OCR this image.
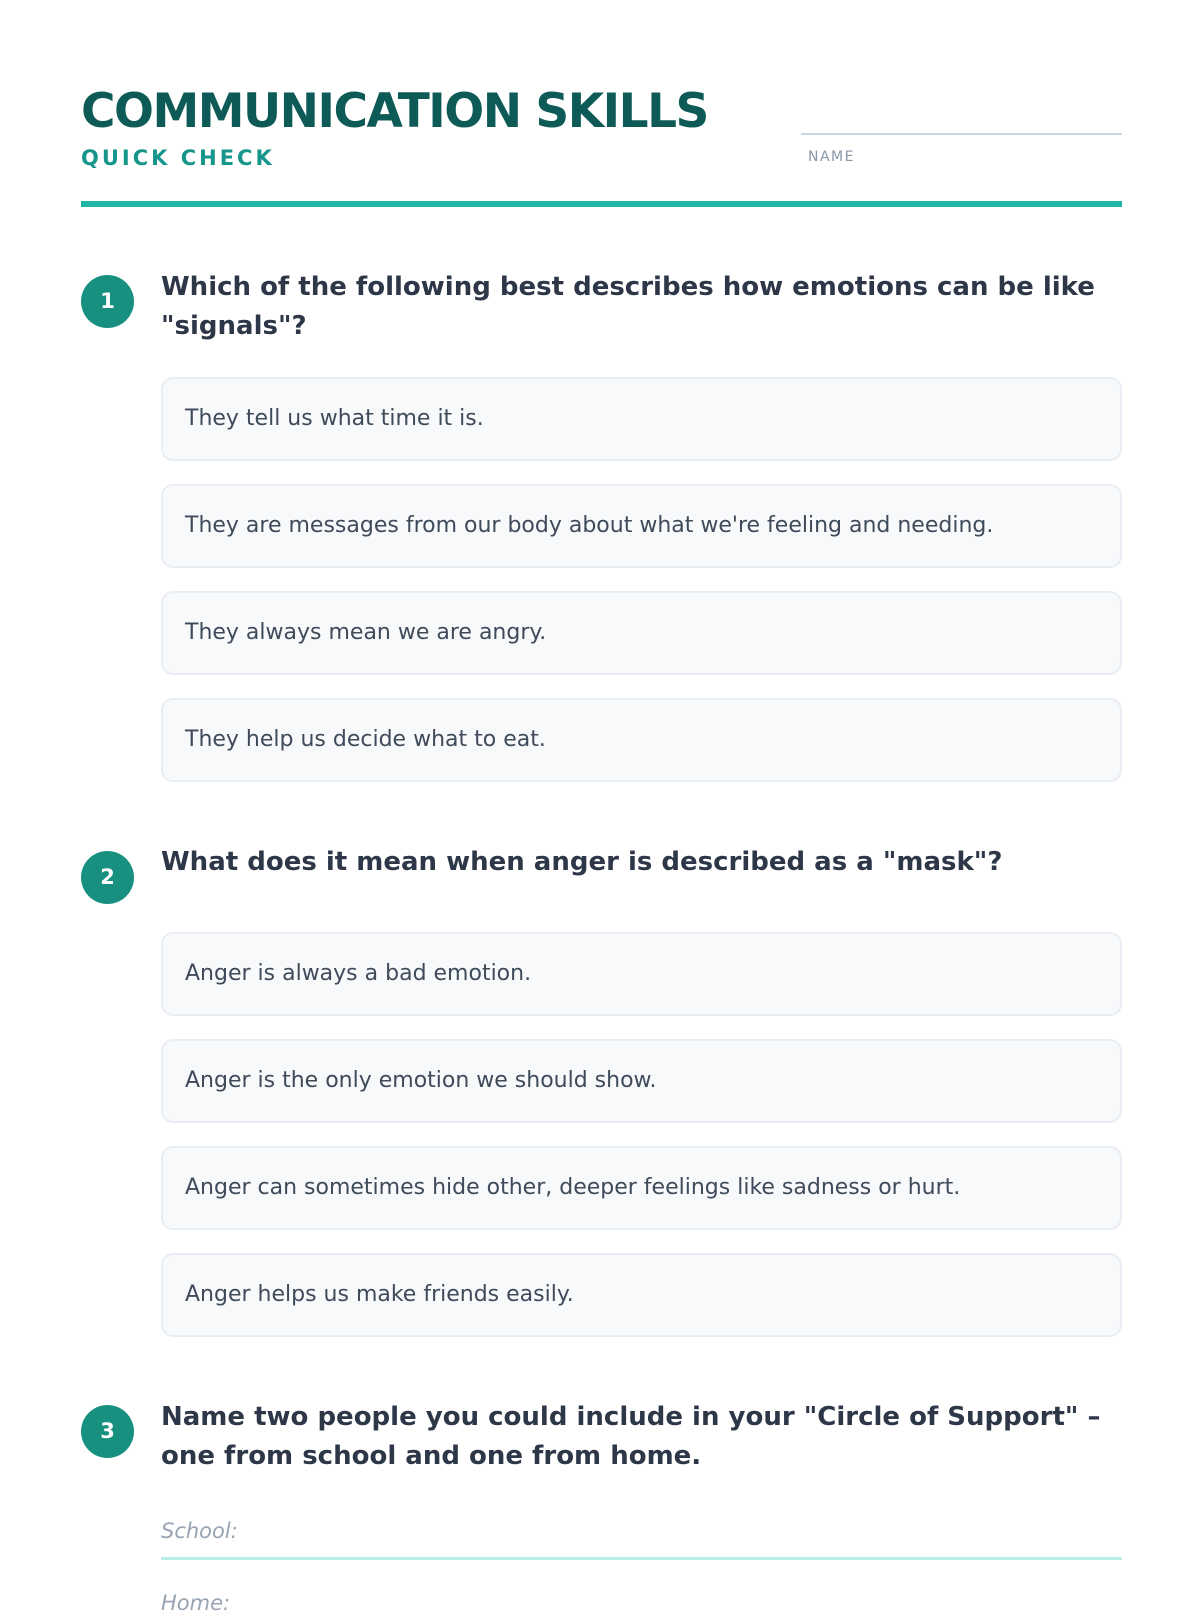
COMMUNICATION SKILLS
QUICK CHECK	NAME
1	Which of the following best describes how emotions can be like "signals"?
They tell us what time it is.
They are messages from our body about what we're feeling and needing.
They always mean we are angry.
They help us decide what to eat.
2	What does it mean when anger is described as a "mask"?
Anger is always a bad emotion.
Anger is the only emotion we should show.
Anger can sometimes hide other, deeper feelings like sadness or hurt.
Anger helps us make friends easily.
3	Name two people you could include in your "Circle of Support" – one from school and one from home.
School:
Home:
